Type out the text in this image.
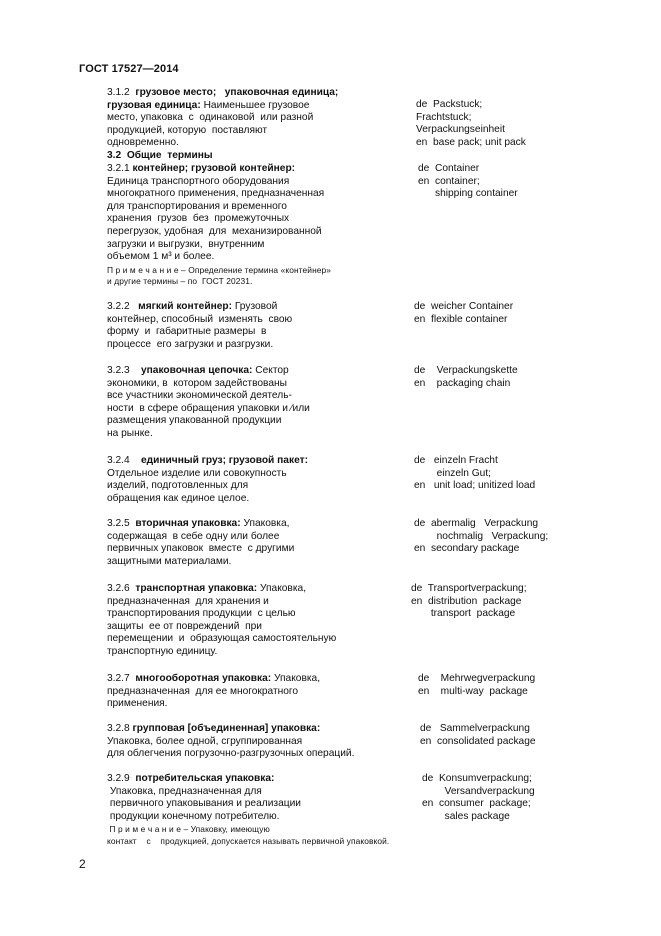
ГОСТ 17527—2014
3.1.2  грузовое место;   упаковочная единица;
грузовая единица: Наименьшее грузовое
место, упаковка  с  одинаковой  или разной
продукцией, которую  поставляют
одновременно.
de  Packstuck;
Frachtstuck;
Verpackungseinheit
en  base pack; unit pack
3.2  Общие  термины
3.2.1 контейнер; грузовой контейнер:
Единица транспортного оборудования
многократного применения, предназначенная
для транспортирования и временного
хранения  грузов  без  промежуточных
перегрузок, удобная  для  механизированной
загрузки и выгрузки,  внутренним
объемом 1 м³ и более.
П р и м е ч а н и е – Определение термина «контейнер»
и другие термины – по  ГОСТ 20231.
de  Container
en  container;
shipping container
3.2.2   мягкий контейнер: Грузовой
контейнер, способный  изменять  свою
форму  и  габаритные размеры  в
процессе  его загрузки и разгрузки.
de  weicher Container
en  flexible container
3.2.3    упаковочная цепочка: Сектор
экономики, в  котором задействованы
все участники экономической деятель-
ности  в сфере обращения упаковки и ⁄или
размещения упакованной продукции
на рынке.
de    Verpackungskette
en    packaging chain
3.2.4    единичный груз; грузовой пакет:
Отдельное изделие или совокупность
изделий, подготовленных для
обращения как единое целое.
de   einzeln Fracht
einzeln Gut;
en   unit load; unitized load
3.2.5  вторичная упаковка: Упаковка,
содержащая  в себе одну или более
первичных упаковок  вместе  с другими
защитными материалами.
de  abermalig   Verpackung
nochmalig   Verpackung;
en  secondary package
3.2.6  транспортная упаковка: Упаковка,
предназначенная  для хранения и
транспортирования продукции  с целью
защиты  ее от повреждений  при
перемещении  и  образующая самостоятельную
транспортную единицу.
de  Transportverpackung;
en  distribution  package
transport  package
3.2.7  многооборотная упаковка: Упаковка,
предназначенная  для ее многократного
применения.
de    Mehrwegverpackung
en    multi-way  package
3.2.8 групповая [объединенная] упаковка:
Упаковка, более одной, сгруппированная
для облегчения погрузочно-разгрузочных операций.
de   Sammelverpackung
en  consolidated package
3.2.9  потребительская упаковка:
Упаковка, предназначенная для
первичного упаковывания и реализации
продукции конечному потребителю.
П р и м е ч а н и е – Упаковку, имеющую
контакт    с    продукцией, допускается называть первичной упаковкой.
de  Konsumverpackung;
Versandverpackung
en  consumer  package;
sales package
2
